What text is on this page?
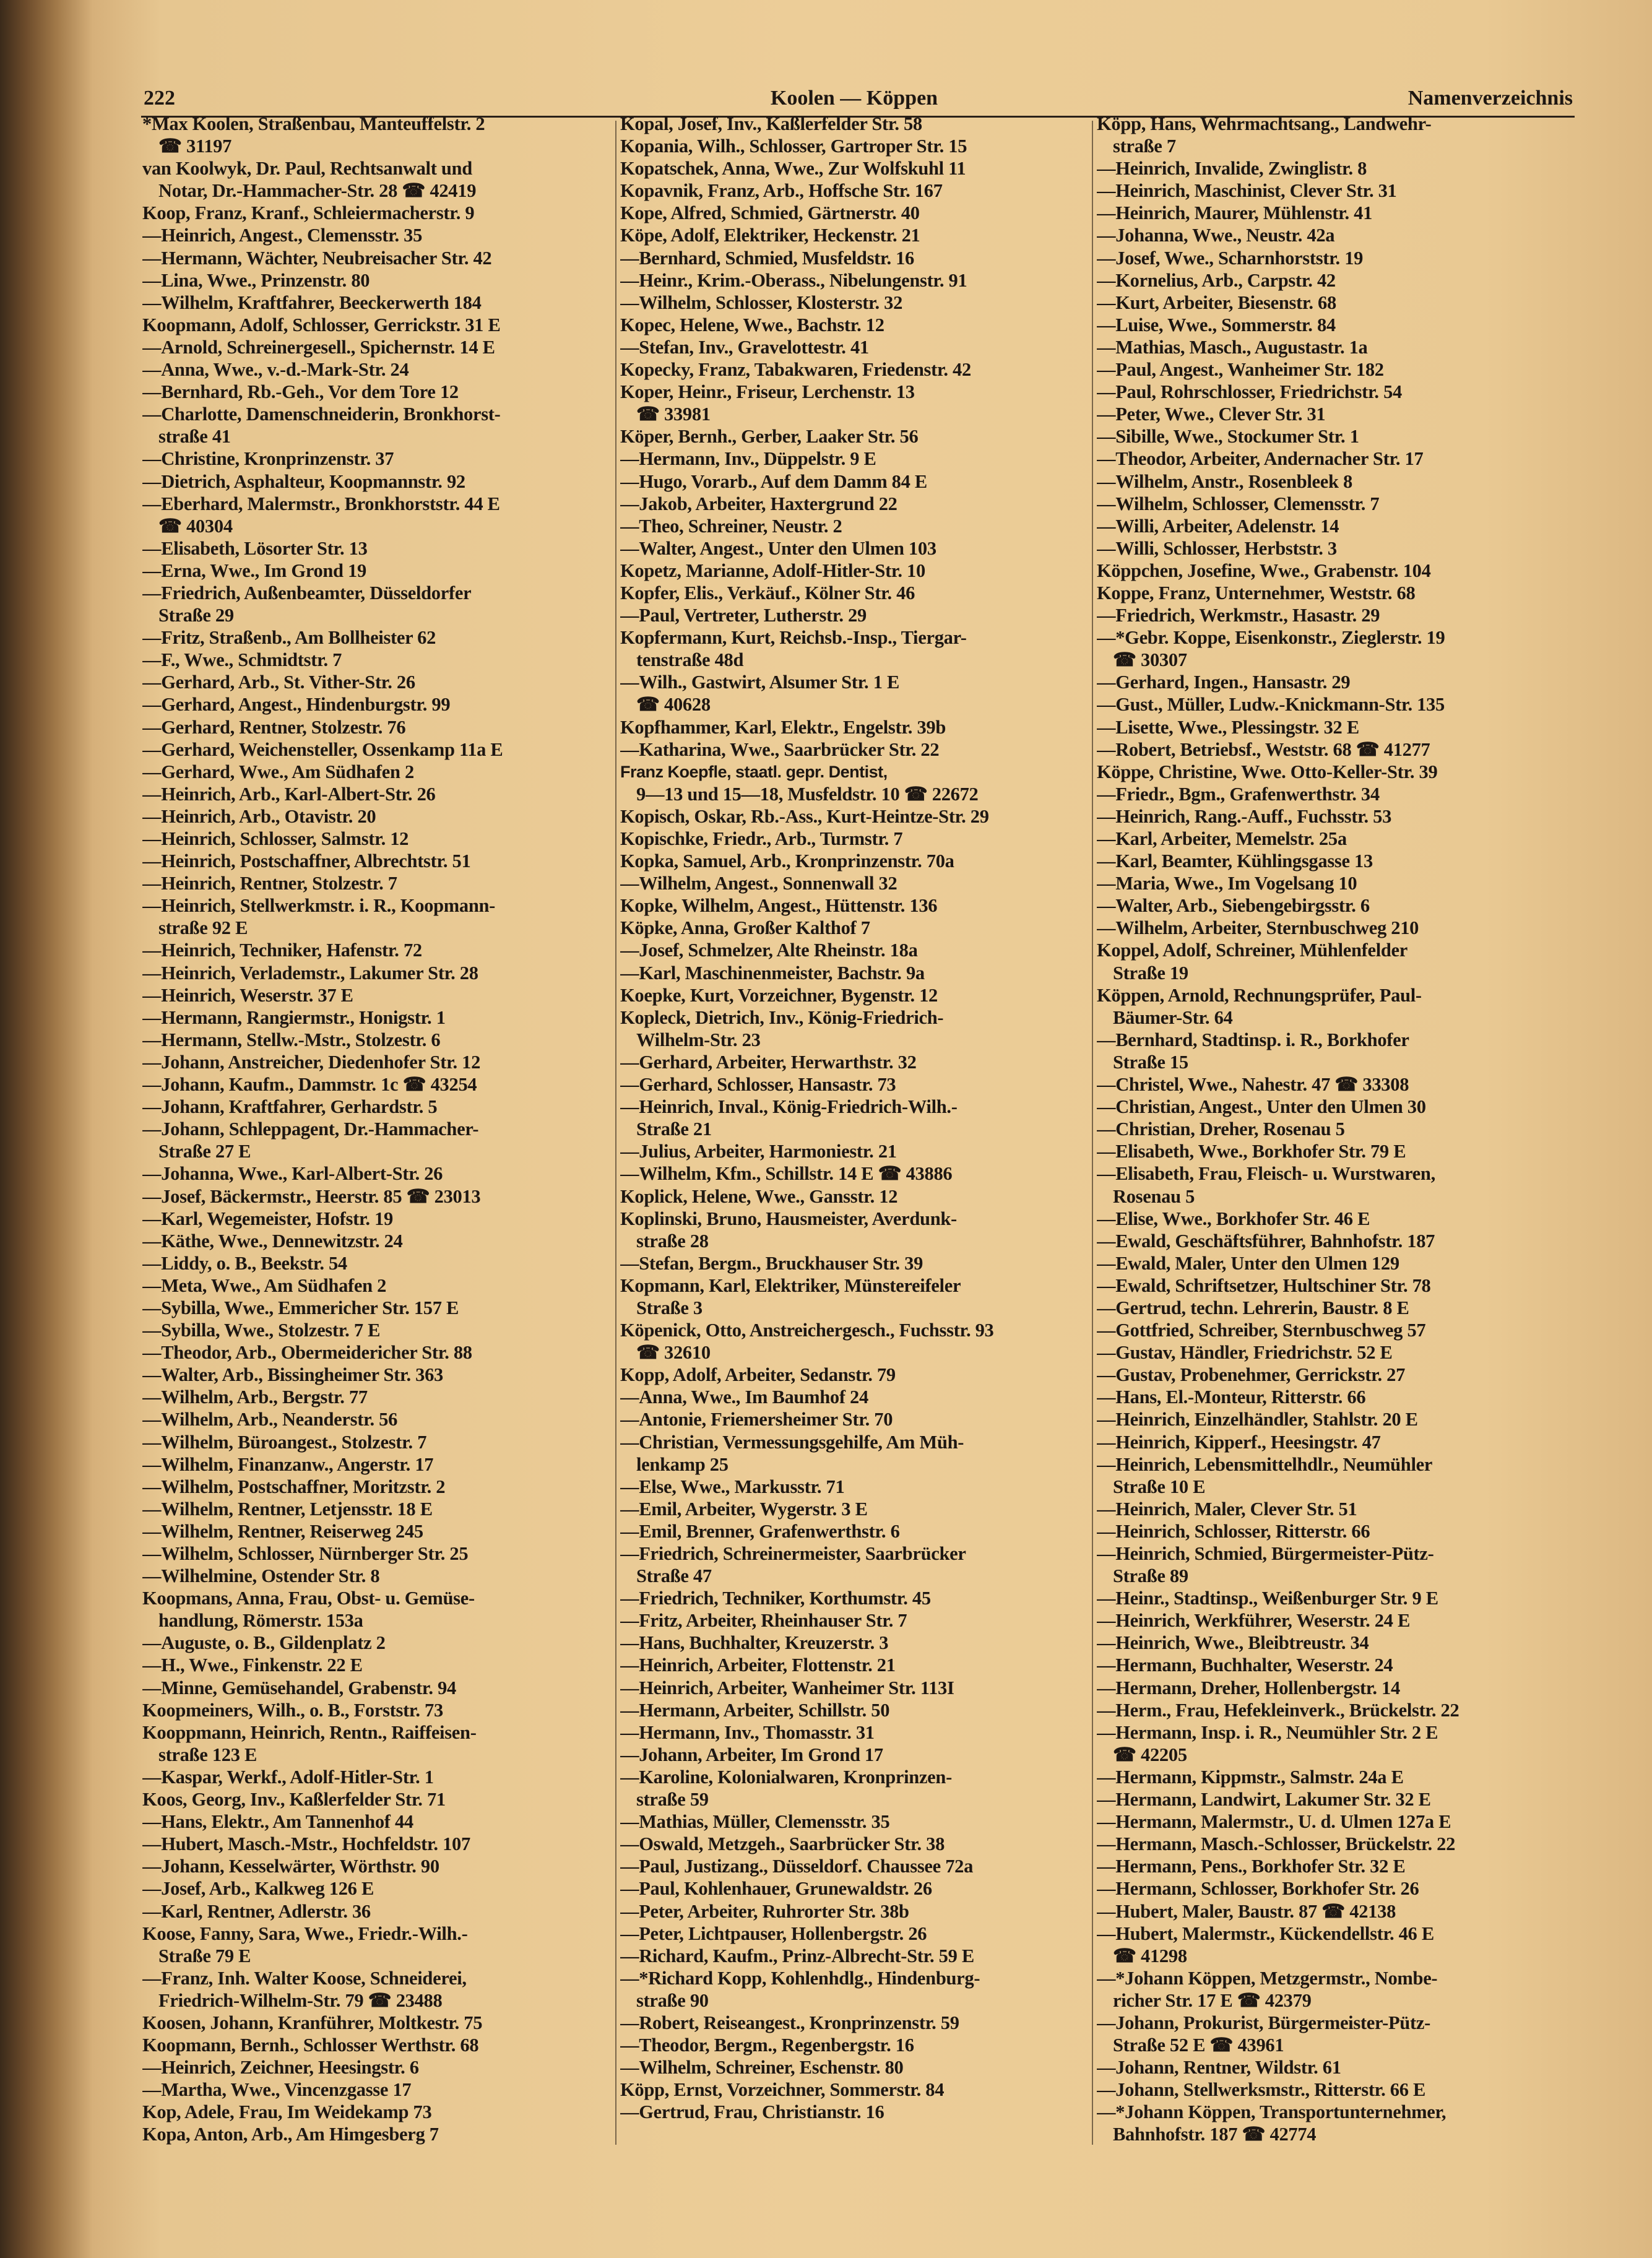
222	Koolen — Köppen	Namenverzeichnis
*Max Koolen, Straßenbau, Manteuffelstr. 2
☎ 31197
van Koolwyk, Dr. Paul, Rechtsanwalt und
Notar, Dr.-Hammacher-Str. 28 ☎ 42419
Koop, Franz, Kranf., Schleiermacherstr. 9
—Heinrich, Angest., Clemensstr. 35
—Hermann, Wächter, Neubreisacher Str. 42
—Lina, Wwe., Prinzenstr. 80
—Wilhelm, Kraftfahrer, Beeckerwerth 184
Koopmann, Adolf, Schlosser, Gerrickstr. 31 E
—Arnold, Schreinergesell., Spichernstr. 14 E
—Anna, Wwe., v.-d.-Mark-Str. 24
—Bernhard, Rb.-Geh., Vor dem Tore 12
—Charlotte, Damenschneiderin, Bronkhorst-
straße 41
—Christine, Kronprinzenstr. 37
—Dietrich, Asphalteur, Koopmannstr. 92
—Eberhard, Malermstr., Bronkhorststr. 44 E
☎ 40304
—Elisabeth, Lösorter Str. 13
—Erna, Wwe., Im Grond 19
—Friedrich, Außenbeamter, Düsseldorfer
Straße 29
—Fritz, Straßenb., Am Bollheister 62
—F., Wwe., Schmidtstr. 7
—Gerhard, Arb., St. Vither-Str. 26
—Gerhard, Angest., Hindenburgstr. 99
—Gerhard, Rentner, Stolzestr. 76
—Gerhard, Weichensteller, Ossenkamp 11a E
—Gerhard, Wwe., Am Südhafen 2
—Heinrich, Arb., Karl-Albert-Str. 26
—Heinrich, Arb., Otavistr. 20
—Heinrich, Schlosser, Salmstr. 12
—Heinrich, Postschaffner, Albrechtstr. 51
—Heinrich, Rentner, Stolzestr. 7
—Heinrich, Stellwerkmstr. i. R., Koopmann-
straße 92 E
—Heinrich, Techniker, Hafenstr. 72
—Heinrich, Verlademstr., Lakumer Str. 28
—Heinrich, Weserstr. 37 E
—Hermann, Rangiermstr., Honigstr. 1
—Hermann, Stellw.-Mstr., Stolzestr. 6
—Johann, Anstreicher, Diedenhofer Str. 12
—Johann, Kaufm., Dammstr. 1c ☎ 43254
—Johann, Kraftfahrer, Gerhardstr. 5
—Johann, Schleppagent, Dr.-Hammacher-
Straße 27 E
—Johanna, Wwe., Karl-Albert-Str. 26
—Josef, Bäckermstr., Heerstr. 85 ☎ 23013
—Karl, Wegemeister, Hofstr. 19
—Käthe, Wwe., Dennewitzstr. 24
—Liddy, o. B., Beekstr. 54
—Meta, Wwe., Am Südhafen 2
—Sybilla, Wwe., Emmericher Str. 157 E
—Sybilla, Wwe., Stolzestr. 7 E
—Theodor, Arb., Obermeidericher Str. 88
—Walter, Arb., Bissingheimer Str. 363
—Wilhelm, Arb., Bergstr. 77
—Wilhelm, Arb., Neanderstr. 56
—Wilhelm, Büroangest., Stolzestr. 7
—Wilhelm, Finanzanw., Angerstr. 17
—Wilhelm, Postschaffner, Moritzstr. 2
—Wilhelm, Rentner, Letjensstr. 18 E
—Wilhelm, Rentner, Reiserweg 245
—Wilhelm, Schlosser, Nürnberger Str. 25
—Wilhelmine, Ostender Str. 8
Koopmans, Anna, Frau, Obst- u. Gemüse-
handlung, Römerstr. 153a
—Auguste, o. B., Gildenplatz 2
—H., Wwe., Finkenstr. 22 E
—Minne, Gemüsehandel, Grabenstr. 94
Koopmeiners, Wilh., o. B., Forststr. 73
Kooppmann, Heinrich, Rentn., Raiffeisen-
straße 123 E
—Kaspar, Werkf., Adolf-Hitler-Str. 1
Koos, Georg, Inv., Kaßlerfelder Str. 71
—Hans, Elektr., Am Tannenhof 44
—Hubert, Masch.-Mstr., Hochfeldstr. 107
—Johann, Kesselwärter, Wörthstr. 90
—Josef, Arb., Kalkweg 126 E
—Karl, Rentner, Adlerstr. 36
Koose, Fanny, Sara, Wwe., Friedr.-Wilh.-
Straße 79 E
—Franz, Inh. Walter Koose, Schneiderei,
Friedrich-Wilhelm-Str. 79 ☎ 23488
Koosen, Johann, Kranführer, Moltkestr. 75
Koopmann, Bernh., Schlosser Werthstr. 68
—Heinrich, Zeichner, Heesingstr. 6
—Martha, Wwe., Vincenzgasse 17
Kop, Adele, Frau, Im Weidekamp 73
Kopa, Anton, Arb., Am Himgesberg 7
Kopal, Josef, Inv., Kaßlerfelder Str. 58
Kopania, Wilh., Schlosser, Gartroper Str. 15
Kopatschek, Anna, Wwe., Zur Wolfskuhl 11
Kopavnik, Franz, Arb., Hoffsche Str. 167
Kope, Alfred, Schmied, Gärtnerstr. 40
Köpe, Adolf, Elektriker, Heckenstr. 21
—Bernhard, Schmied, Musfeldstr. 16
—Heinr., Krim.-Oberass., Nibelungenstr. 91
—Wilhelm, Schlosser, Klosterstr. 32
Kopec, Helene, Wwe., Bachstr. 12
—Stefan, Inv., Gravelottestr. 41
Kopecky, Franz, Tabakwaren, Friedenstr. 42
Koper, Heinr., Friseur, Lerchenstr. 13
☎ 33981
Köper, Bernh., Gerber, Laaker Str. 56
—Hermann, Inv., Düppelstr. 9 E
—Hugo, Vorarb., Auf dem Damm 84 E
—Jakob, Arbeiter, Haxtergrund 22
—Theo, Schreiner, Neustr. 2
—Walter, Angest., Unter den Ulmen 103
Kopetz, Marianne, Adolf-Hitler-Str. 10
Kopfer, Elis., Verkäuf., Kölner Str. 46
—Paul, Vertreter, Lutherstr. 29
Kopfermann, Kurt, Reichsb.-Insp., Tiergar-
tenstraße 48d
—Wilh., Gastwirt, Alsumer Str. 1 E
☎ 40628
Kopfhammer, Karl, Elektr., Engelstr. 39b
—Katharina, Wwe., Saarbrücker Str. 22
Franz Koepfle, staatl. gepr. Dentist,
9—13 und 15—18, Musfeldstr. 10 ☎ 22672
Kopisch, Oskar, Rb.-Ass., Kurt-Heintze-Str. 29
Kopischke, Friedr., Arb., Turmstr. 7
Kopka, Samuel, Arb., Kronprinzenstr. 70a
—Wilhelm, Angest., Sonnenwall 32
Kopke, Wilhelm, Angest., Hüttenstr. 136
Köpke, Anna, Großer Kalthof 7
—Josef, Schmelzer, Alte Rheinstr. 18a
—Karl, Maschinenmeister, Bachstr. 9a
Koepke, Kurt, Vorzeichner, Bygenstr. 12
Kopleck, Dietrich, Inv., König-Friedrich-
Wilhelm-Str. 23
—Gerhard, Arbeiter, Herwarthstr. 32
—Gerhard, Schlosser, Hansastr. 73
—Heinrich, Inval., König-Friedrich-Wilh.-
Straße 21
—Julius, Arbeiter, Harmoniestr. 21
—Wilhelm, Kfm., Schillstr. 14 E ☎ 43886
Koplick, Helene, Wwe., Gansstr. 12
Koplinski, Bruno, Hausmeister, Averdunk-
straße 28
—Stefan, Bergm., Bruckhauser Str. 39
Kopmann, Karl, Elektriker, Münstereifeler
Straße 3
Köpenick, Otto, Anstreichergesch., Fuchsstr. 93
☎ 32610
Kopp, Adolf, Arbeiter, Sedanstr. 79
—Anna, Wwe., Im Baumhof 24
—Antonie, Friemersheimer Str. 70
—Christian, Vermessungsgehilfe, Am Müh-
lenkamp 25
—Else, Wwe., Markusstr. 71
—Emil, Arbeiter, Wygerstr. 3 E
—Emil, Brenner, Grafenwerthstr. 6
—Friedrich, Schreinermeister, Saarbrücker
Straße 47
—Friedrich, Techniker, Korthumstr. 45
—Fritz, Arbeiter, Rheinhauser Str. 7
—Hans, Buchhalter, Kreuzerstr. 3
—Heinrich, Arbeiter, Flottenstr. 21
—Heinrich, Arbeiter, Wanheimer Str. 113I
—Hermann, Arbeiter, Schillstr. 50
—Hermann, Inv., Thomasstr. 31
—Johann, Arbeiter, Im Grond 17
—Karoline, Kolonialwaren, Kronprinzen-
straße 59
—Mathias, Müller, Clemensstr. 35
—Oswald, Metzgeh., Saarbrücker Str. 38
—Paul, Justizang., Düsseldorf. Chaussee 72a
—Paul, Kohlenhauer, Grunewaldstr. 26
—Peter, Arbeiter, Ruhrorter Str. 38b
—Peter, Lichtpauser, Hollenbergstr. 26
—Richard, Kaufm., Prinz-Albrecht-Str. 59 E
—*Richard Kopp, Kohlenhdlg., Hindenburg-
straße 90
—Robert, Reiseangest., Kronprinzenstr. 59
—Theodor, Bergm., Regenbergstr. 16
—Wilhelm, Schreiner, Eschenstr. 80
Köpp, Ernst, Vorzeichner, Sommerstr. 84
—Gertrud, Frau, Christianstr. 16
Köpp, Hans, Wehrmachtsang., Landwehr-
straße 7
—Heinrich, Invalide, Zwinglistr. 8
—Heinrich, Maschinist, Clever Str. 31
—Heinrich, Maurer, Mühlenstr. 41
—Johanna, Wwe., Neustr. 42a
—Josef, Wwe., Scharnhorststr. 19
—Kornelius, Arb., Carpstr. 42
—Kurt, Arbeiter, Biesenstr. 68
—Luise, Wwe., Sommerstr. 84
—Mathias, Masch., Augustastr. 1a
—Paul, Angest., Wanheimer Str. 182
—Paul, Rohrschlosser, Friedrichstr. 54
—Peter, Wwe., Clever Str. 31
—Sibille, Wwe., Stockumer Str. 1
—Theodor, Arbeiter, Andernacher Str. 17
—Wilhelm, Anstr., Rosenbleek 8
—Wilhelm, Schlosser, Clemensstr. 7
—Willi, Arbeiter, Adelenstr. 14
—Willi, Schlosser, Herbststr. 3
Köppchen, Josefine, Wwe., Grabenstr. 104
Koppe, Franz, Unternehmer, Weststr. 68
—Friedrich, Werkmstr., Hasastr. 29
—*Gebr. Koppe, Eisenkonstr., Zieglerstr. 19
☎ 30307
—Gerhard, Ingen., Hansastr. 29
—Gust., Müller, Ludw.-Knickmann-Str. 135
—Lisette, Wwe., Plessingstr. 32 E
—Robert, Betriebsf., Weststr. 68 ☎ 41277
Köppe, Christine, Wwe. Otto-Keller-Str. 39
—Friedr., Bgm., Grafenwerthstr. 34
—Heinrich, Rang.-Auff., Fuchsstr. 53
—Karl, Arbeiter, Memelstr. 25a
—Karl, Beamter, Kühlingsgasse 13
—Maria, Wwe., Im Vogelsang 10
—Walter, Arb., Siebengebirgsstr. 6
—Wilhelm, Arbeiter, Sternbuschweg 210
Koppel, Adolf, Schreiner, Mühlenfelder
Straße 19
Köppen, Arnold, Rechnungsprüfer, Paul-
Bäumer-Str. 64
—Bernhard, Stadtinsp. i. R., Borkhofer
Straße 15
—Christel, Wwe., Nahestr. 47 ☎ 33308
—Christian, Angest., Unter den Ulmen 30
—Christian, Dreher, Rosenau 5
—Elisabeth, Wwe., Borkhofer Str. 79 E
—Elisabeth, Frau, Fleisch- u. Wurstwaren,
Rosenau 5
—Elise, Wwe., Borkhofer Str. 46 E
—Ewald, Geschäftsführer, Bahnhofstr. 187
—Ewald, Maler, Unter den Ulmen 129
—Ewald, Schriftsetzer, Hultschiner Str. 78
—Gertrud, techn. Lehrerin, Baustr. 8 E
—Gottfried, Schreiber, Sternbuschweg 57
—Gustav, Händler, Friedrichstr. 52 E
—Gustav, Probenehmer, Gerrickstr. 27
—Hans, El.-Monteur, Ritterstr. 66
—Heinrich, Einzelhändler, Stahlstr. 20 E
—Heinrich, Kipperf., Heesingstr. 47
—Heinrich, Lebensmittelhdlr., Neumühler
Straße 10 E
—Heinrich, Maler, Clever Str. 51
—Heinrich, Schlosser, Ritterstr. 66
—Heinrich, Schmied, Bürgermeister-Pütz-
Straße 89
—Heinr., Stadtinsp., Weißenburger Str. 9 E
—Heinrich, Werkführer, Weserstr. 24 E
—Heinrich, Wwe., Bleibtreustr. 34
—Hermann, Buchhalter, Weserstr. 24
—Hermann, Dreher, Hollenbergstr. 14
—Herm., Frau, Hefekleinverk., Brückelstr. 22
—Hermann, Insp. i. R., Neumühler Str. 2 E
☎ 42205
—Hermann, Kippmstr., Salmstr. 24a E
—Hermann, Landwirt, Lakumer Str. 32 E
—Hermann, Malermstr., U. d. Ulmen 127a E
—Hermann, Masch.-Schlosser, Brückelstr. 22
—Hermann, Pens., Borkhofer Str. 32 E
—Hermann, Schlosser, Borkhofer Str. 26
—Hubert, Maler, Baustr. 87 ☎ 42138
—Hubert, Malermstr., Kückendellstr. 46 E
☎ 41298
—*Johann Köppen, Metzgermstr., Nombe-
richer Str. 17 E ☎ 42379
—Johann, Prokurist, Bürgermeister-Pütz-
Straße 52 E ☎ 43961
—Johann, Rentner, Wildstr. 61
—Johann, Stellwerksmstr., Ritterstr. 66 E
—*Johann Köppen, Transportunternehmer,
Bahnhofstr. 187 ☎ 42774
